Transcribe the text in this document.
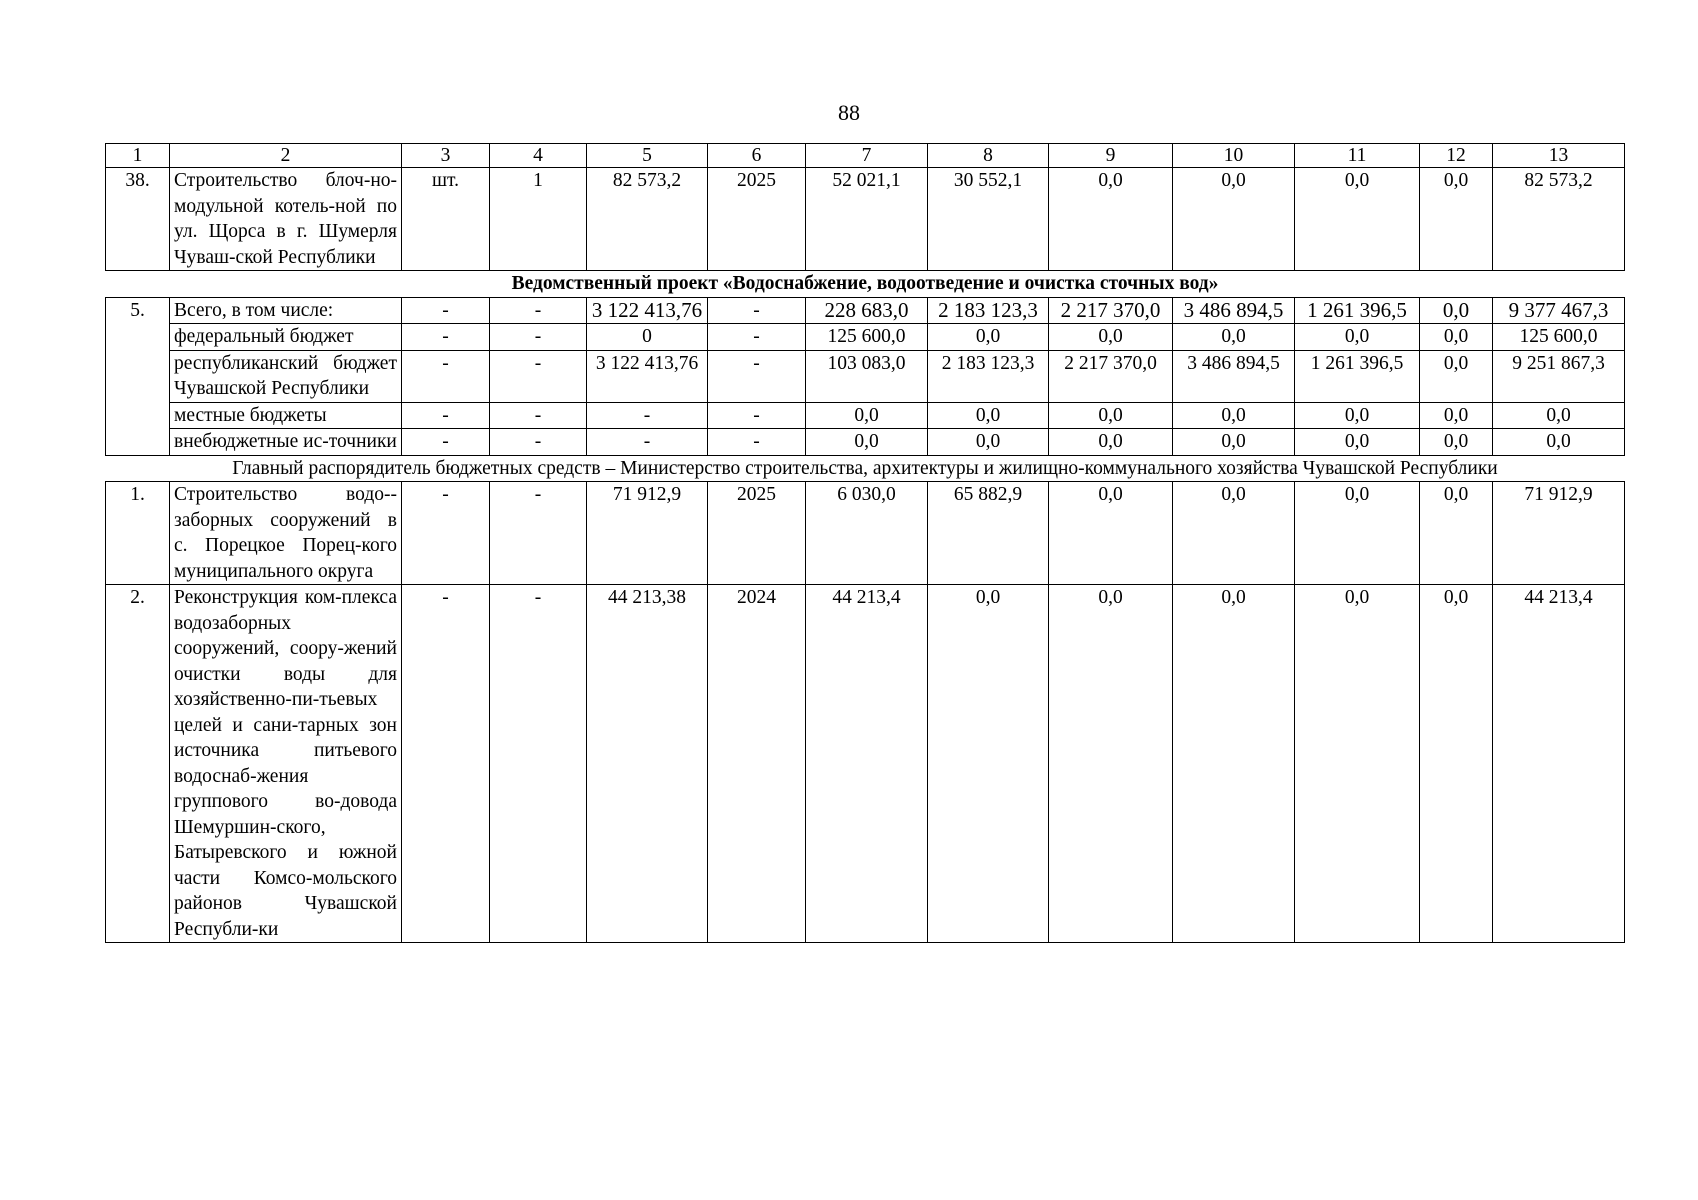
88
1	2	3	4	5	6	7	8	9	10	11	12	13
38.	Строительство блоч-но-модульной котель-ной по ул. Щорса в г. Шумерля Чуваш-ской Республики	шт.	1	82 573,2	2025	52 021,1	30 552,1	0,0	0,0	0,0	0,0	82 573,2
Ведомственный проект «Водоснабжение, водоотведение и очистка сточных вод»												
5.	Всего, в том числе:	-	-	3 122 413,76	-	228 683,0	2 183 123,3	2 217 370,0	3 486 894,5	1 261 396,5	0,0	9 377 467,3
	федеральный бюджет	-	-	0	-	125 600,0	0,0	0,0	0,0	0,0	0,0	125 600,0
	республиканский бюджет Чувашской Республики	-	-	3 122 413,76	-	103 083,0	2 183 123,3	2 217 370,0	3 486 894,5	1 261 396,5	0,0	9 251 867,3
	местные бюджеты	-	-	-	-	0,0	0,0	0,0	0,0	0,0	0,0	0,0
	внебюджетные ис-точники	-	-	-	-	0,0	0,0	0,0	0,0	0,0	0,0	0,0
Главный распорядитель бюджетных средств – Министерство строительства, архитектуры и жилищно-коммунального хозяйства Чувашской Республики												
1.	Строительство водо-заборных сооружений в с. Порецкое Порец-кого муниципального округа	-	-	71 912,9	2025	6 030,0	65 882,9	0,0	0,0	0,0	0,0	71 912,9
2.	Реконструкция ком-плекса водозаборных сооружений, соору-жений очистки воды для хозяйственно-пи-тьевых целей и сани-тарных зон источника питьевого водоснаб-жения группового во-довода Шемуршин-ского, Батыревского и южной части Комсо-мольского районов Чувашской Республи-ки	-	-	44 213,38	2024	44 213,4	0,0	0,0	0,0	0,0	0,0	44 213,4
